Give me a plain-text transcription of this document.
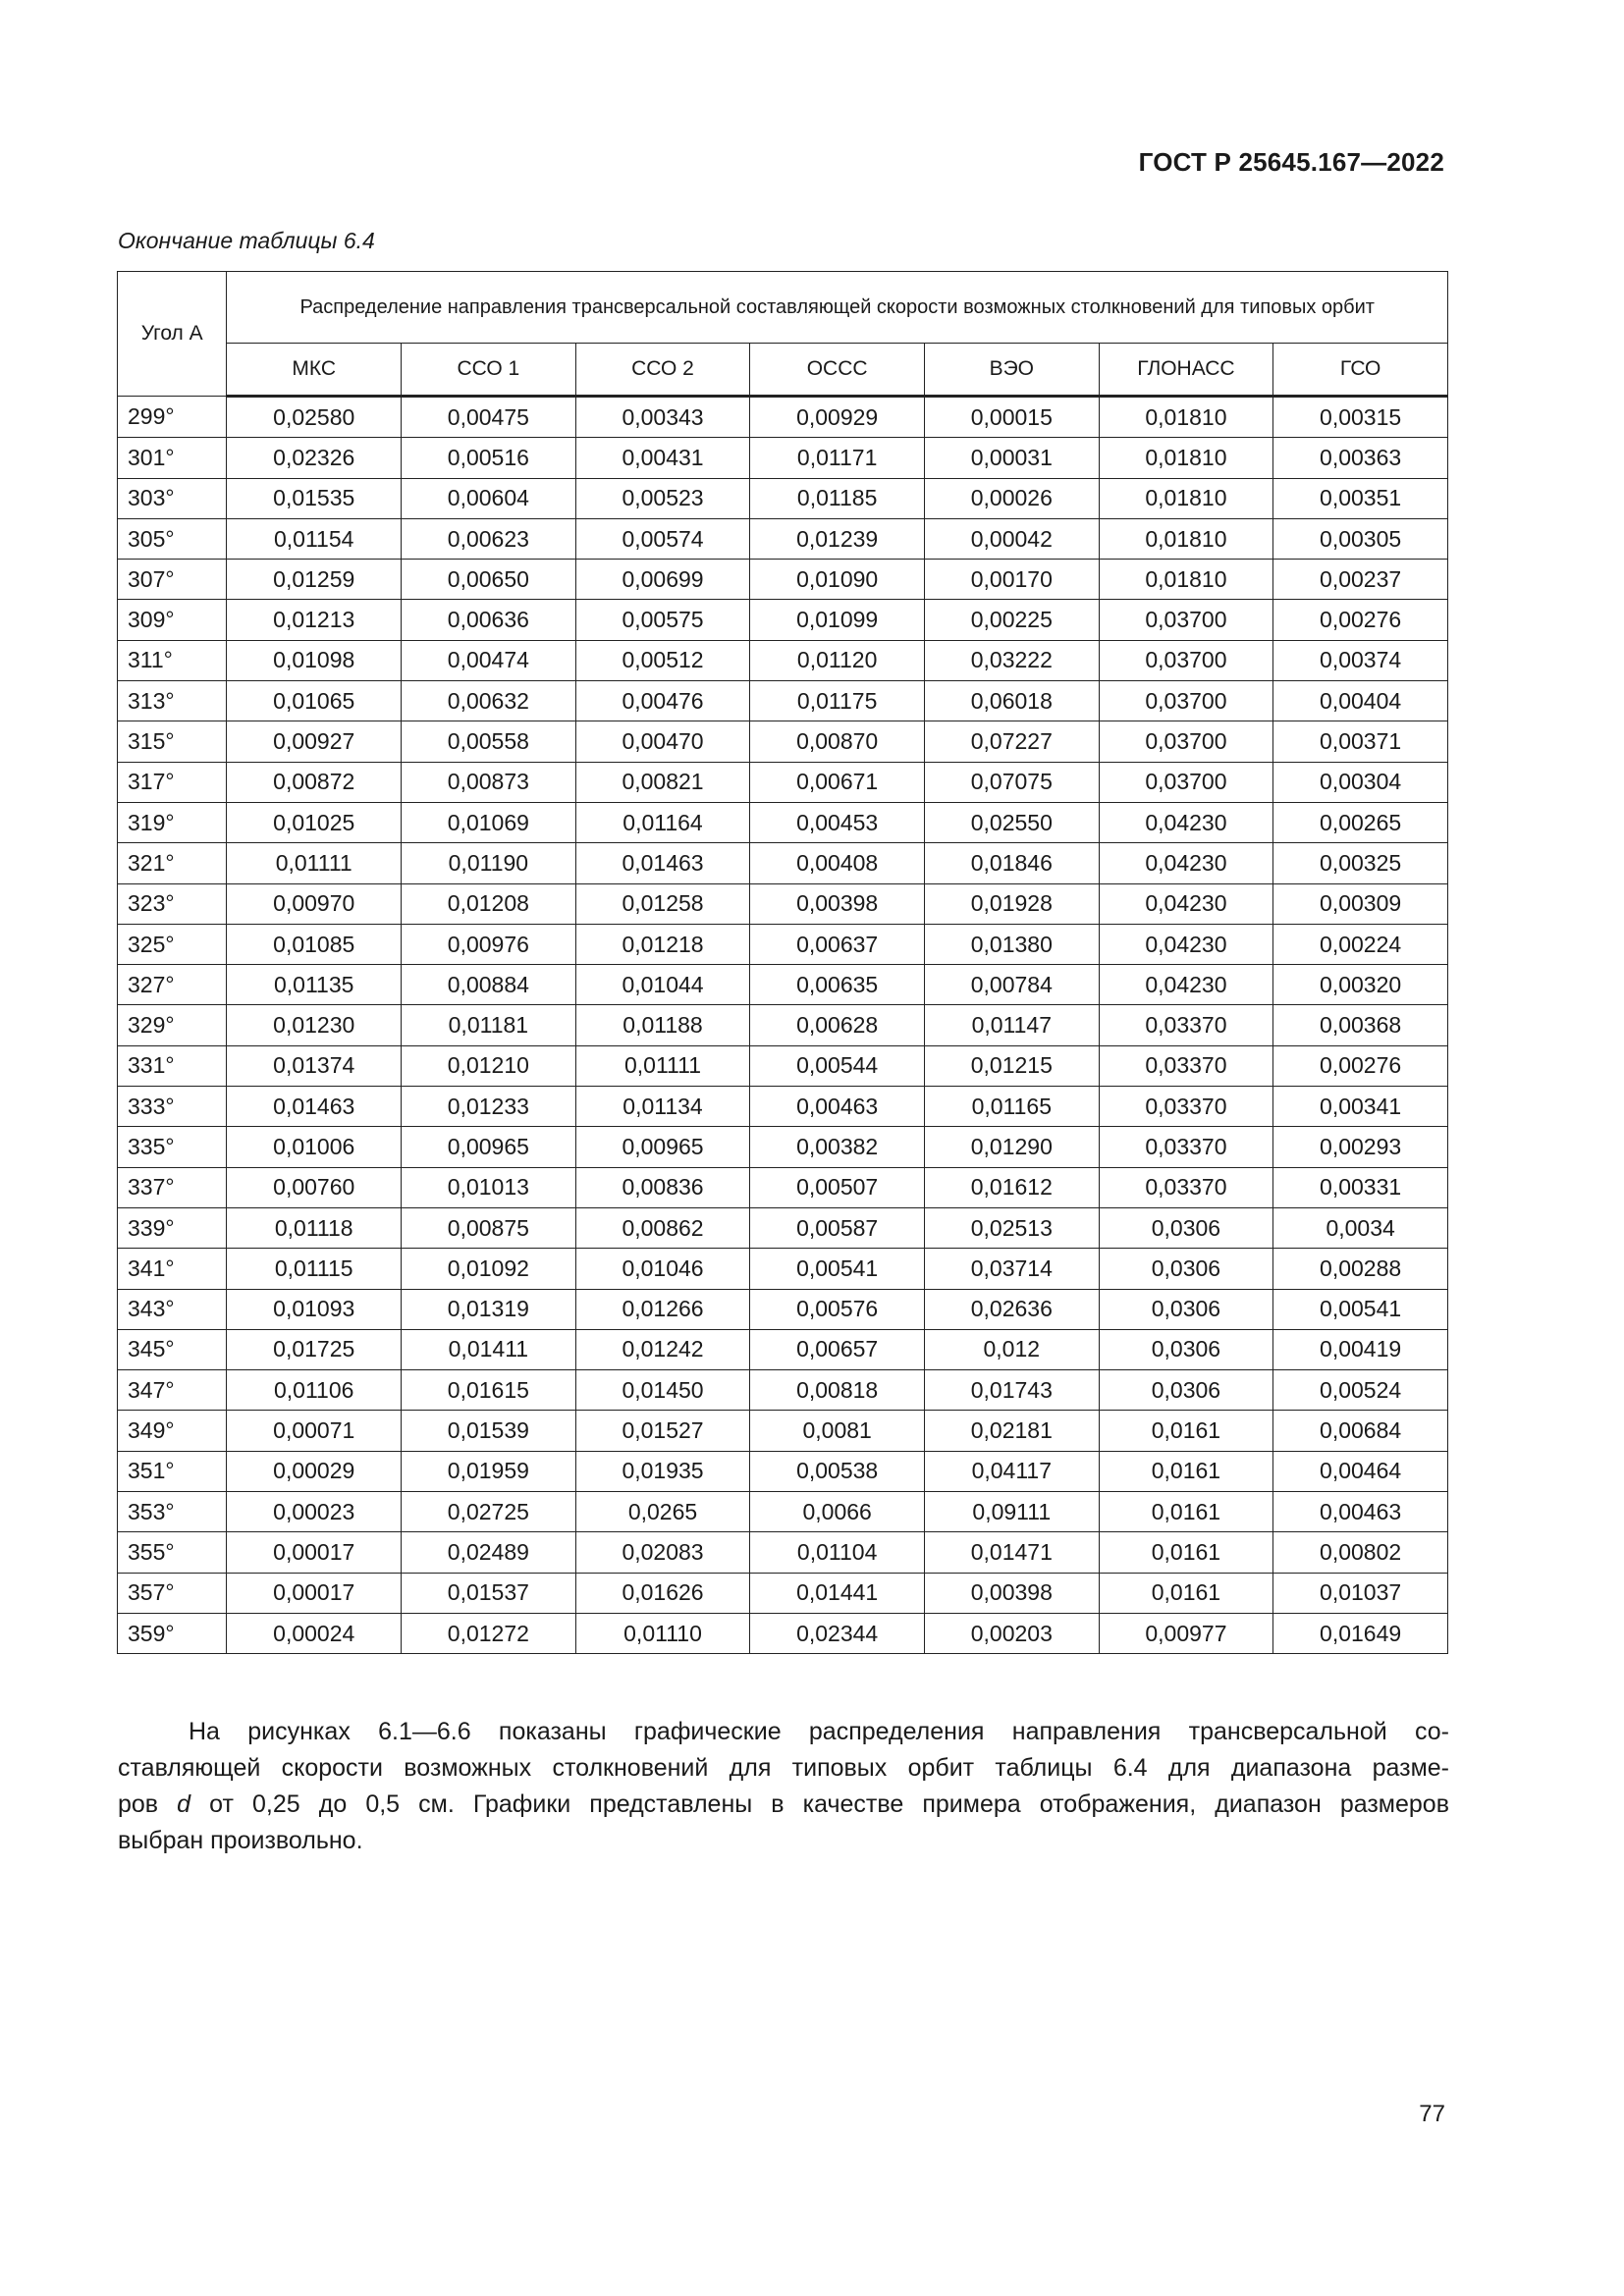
ГОСТ Р 25645.167—2022
Окончание таблицы 6.4
Угол А	Распределение направления трансверсальной составляющей скорости возможных столкновений для типовых орбит						
	МКС	ССО 1	ССО 2	ОССС	ВЭО	ГЛОНАСС	ГСО
299°	0,02580	0,00475	0,00343	0,00929	0,00015	0,01810	0,00315
301°	0,02326	0,00516	0,00431	0,01171	0,00031	0,01810	0,00363
303°	0,01535	0,00604	0,00523	0,01185	0,00026	0,01810	0,00351
305°	0,01154	0,00623	0,00574	0,01239	0,00042	0,01810	0,00305
307°	0,01259	0,00650	0,00699	0,01090	0,00170	0,01810	0,00237
309°	0,01213	0,00636	0,00575	0,01099	0,00225	0,03700	0,00276
311°	0,01098	0,00474	0,00512	0,01120	0,03222	0,03700	0,00374
313°	0,01065	0,00632	0,00476	0,01175	0,06018	0,03700	0,00404
315°	0,00927	0,00558	0,00470	0,00870	0,07227	0,03700	0,00371
317°	0,00872	0,00873	0,00821	0,00671	0,07075	0,03700	0,00304
319°	0,01025	0,01069	0,01164	0,00453	0,02550	0,04230	0,00265
321°	0,01111	0,01190	0,01463	0,00408	0,01846	0,04230	0,00325
323°	0,00970	0,01208	0,01258	0,00398	0,01928	0,04230	0,00309
325°	0,01085	0,00976	0,01218	0,00637	0,01380	0,04230	0,00224
327°	0,01135	0,00884	0,01044	0,00635	0,00784	0,04230	0,00320
329°	0,01230	0,01181	0,01188	0,00628	0,01147	0,03370	0,00368
331°	0,01374	0,01210	0,01111	0,00544	0,01215	0,03370	0,00276
333°	0,01463	0,01233	0,01134	0,00463	0,01165	0,03370	0,00341
335°	0,01006	0,00965	0,00965	0,00382	0,01290	0,03370	0,00293
337°	0,00760	0,01013	0,00836	0,00507	0,01612	0,03370	0,00331
339°	0,01118	0,00875	0,00862	0,00587	0,02513	0,0306	0,0034
341°	0,01115	0,01092	0,01046	0,00541	0,03714	0,0306	0,00288
343°	0,01093	0,01319	0,01266	0,00576	0,02636	0,0306	0,00541
345°	0,01725	0,01411	0,01242	0,00657	0,012	0,0306	0,00419
347°	0,01106	0,01615	0,01450	0,00818	0,01743	0,0306	0,00524
349°	0,00071	0,01539	0,01527	0,0081	0,02181	0,0161	0,00684
351°	0,00029	0,01959	0,01935	0,00538	0,04117	0,0161	0,00464
353°	0,00023	0,02725	0,0265	0,0066	0,09111	0,0161	0,00463
355°	0,00017	0,02489	0,02083	0,01104	0,01471	0,0161	0,00802
357°	0,00017	0,01537	0,01626	0,01441	0,00398	0,0161	0,01037
359°	0,00024	0,01272	0,01110	0,02344	0,00203	0,00977	0,01649
На рисунках 6.1—6.6 показаны графические распределения направления трансверсальной со-
ставляющей скорости возможных столкновений для типовых орбит таблицы 6.4 для диапазона разме-
ров d от 0,25 до 0,5 см. Графики представлены в качестве примера отображения, диапазон размеров
выбран произвольно.
77
